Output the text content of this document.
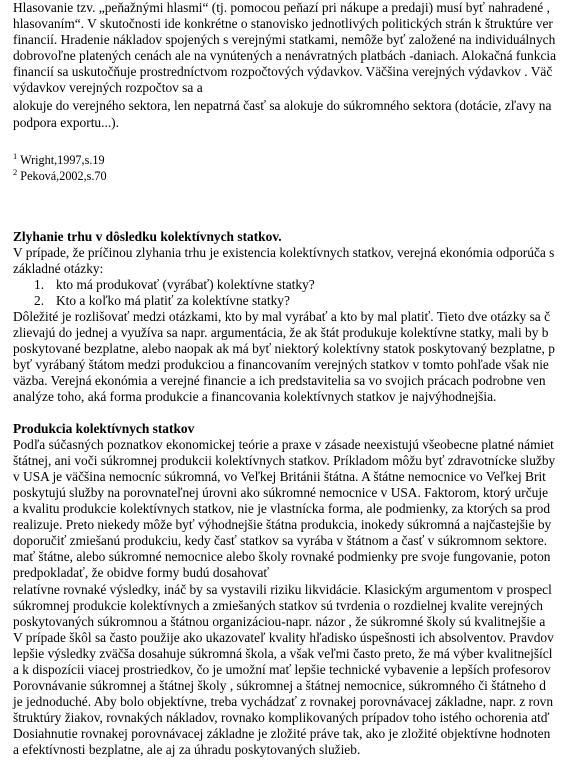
Hlasovanie tzv. „peňažnými hlasmi“ (tj. pomocou peňazí pri nákupe a predaji) musí byť nahradené ,
hlasovaním“. V skutočnosti ide konkrétne o stanovisko jednotlivých politických strán k štruktúre ver
financií. Hradenie nákladov spojených s verejnými statkami, nemôže byť založené na individuálnych
dobrovoľne platených cenách ale na vynútených a nenávratných platbách -daniach. Alokačná funkcia
financií sa uskutočňuje prostredníctvom rozpočtových výdavkov. Väčšina verejných výdavkov . Väč
výdavkov verejných rozpočtov sa a
alokuje do verejného sektora, len nepatrná časť sa alokuje do súkromného sektora (dotácie, zľavy na
podpora exportu...).
$^1$ Wright,1997,s.19
$^2$ Peková,2002,s.70
Zlyhanie trhu v dôsledku kolektívnych statkov.
V prípade, že príčinou zlyhania trhu je existencia kolektívnych statkov, verejná ekonómia odporúča s
základné otázky:
1. kto má produkovať (vyrábať) kolektívne statky?
2. Kto a koľko má platiť za kolektívne statky?
Dôležité je rozlišovať medzi otázkami, kto by mal vyrábať a kto by mal platiť. Tieto dve otázky sa č
zlievajú do jednej a využíva sa napr. argumentácia, že ak štát produkuje kolektívne statky, mali by b
poskytované bezplatne, alebo naopak ak má byť niektorý kolektívny statok poskytovaný bezplatne, p
byť vyrábaný štátom medzi produkciou a financovaním verejných statkov v tomto pohľade však nie
väzba. Verejná ekonómia a verejné financie a ich predstavitelia sa vo svojich prácach podrobne ven
analýze toho, aká forma produkcie a financovania kolektívnych statkov je najvýhodnejšia.
Produkcia kolektívnych statkov
Podľa súčasných poznatkov ekonomickej teórie a praxe v zásade neexistujú všeobecne platné námiet
štátnej, ani voči súkromnej produkcii kolektívnych statkov. Príkladom môžu byť zdravotnícke služby
v USA je väčšina nemocníc súkromná, vo Veľkej Británii štátna. A štátne nemocnice vo Veľkej Brit
poskytujú služby na porovnateľnej úrovni ako súkromné nemocnice v USA. Faktorom, ktorý určuje
a kvalitu produkcie kolektívnych statkov, nie je vlastnícka forma, ale podmienky, za ktorých sa prod
realizuje. Preto niekedy môže byť výhodnejšie štátna produkcia, inokedy súkromná a najčastejšie by
doporučiť zmiešanú produkciu, kedy časť statkov sa vyrába v štátnom a časť v súkromnom sektore.
mať štátne, alebo súkromné nemocnice alebo školy rovnaké podmienky pre svoje fungovanie, poton
predpokladať, že obidve formy budú dosahovať
relatívne rovnaké výsledky, ináč by sa vystavili riziku likvidácie. Klasickým argumentom v prospecl
súkromnej produkcie kolektívnych a zmiešaných statkov sú tvrdenia o rozdielnej kvalite verejných
poskytovaných súkromnou a štátnou organizáciou-napr. názor , že súkromné školy sú kvalitnejšie a
V prípade škôl sa často použije ako ukazovateľ kvality hľadisko úspešnosti ich absolventov. Pravdov
lepšie výsledky zväčša dosahuje súkromná škola, a však veľmi často preto, že má výber kvalitnejšícl
a k dispozícii viacej prostriedkov, čo je umožní mať lepšie technické vybavenie a lepších profesorov
Porovnávanie súkromnej a štátnej školy , súkromnej a štátnej nemocnice, súkromného či štátneho d
je jednoduché. Aby bolo objektívne, treba vychádzať z rovnakej porovnávacej základne, napr. z rovn
štruktúry žiakov, rovnakých nákladov, rovnako komplikovaných prípadov toho istého ochorenia atď
Dosiahnutie rovnakej porovnávacej základne je zložité práve tak, ako je zložité objektívne hodnoten
a efektívnosti bezplatne, ale aj za úhradu poskytovaných služieb.
